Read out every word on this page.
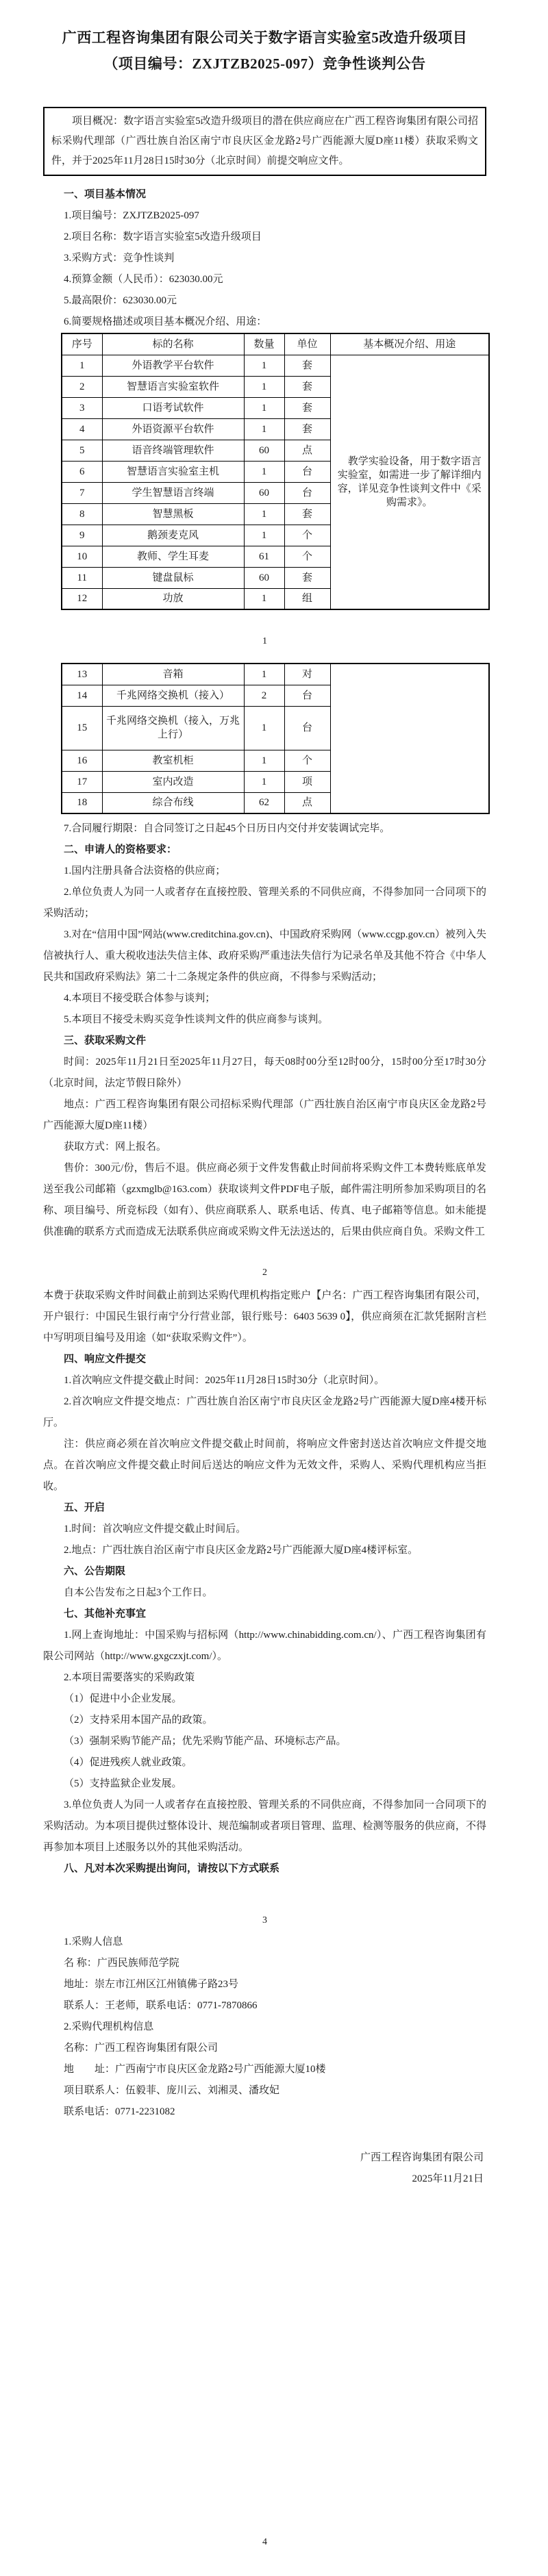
广西工程咨询集团有限公司关于数字语言实验室5改造升级项目
（项目编号：ZXJTZB2025-097）竞争性谈判公告

项目概况：数字语言实验室5改造升级项目的潜在供应商应在广西工程咨询集团有限公司招标采购代理部（广西壮族自治区南宁市良庆区金龙路2号广西能源大厦D座11楼）获取采购文件，并于2025年11月28日15时30分（北京时间）前提交响应文件。

一、项目基本情况

1.项目编号：ZXJTZB2025-097

2.项目名称：数字语言实验室5改造升级项目

3.采购方式：竞争性谈判

4.预算金额（人民币）：623030.00元

5.最高限价：623030.00元

6.简要规格描述或项目基本概况介绍、用途：

序号	标的名称	数量	单位	基本概况介绍、用途
1	外语教学平台软件	1	套	教学实验设备，用于数字语言实验室，如需进一步了解详细内容，详见竞争性谈判文件中《采购需求》。
2	智慧语言实验室软件	1	套	
3	口语考试软件	1	套	
4	外语资源平台软件	1	套	
5	语音终端管理软件	60	点	
6	智慧语言实验室主机	1	台	
7	学生智慧语言终端	60	台	
8	智慧黑板	1	套	
9	鹅颈麦克风	1	个	
10	教师、学生耳麦	61	个	
11	键盘鼠标	60	套	
12	功放	1	组	

1

13	音箱	1	对	
14	千兆网络交换机（接入）	2	台	
15	千兆网络交换机（接入，万兆上行）	1	台	
16	教室机柜	1	个	
17	室内改造	1	项	
18	综合布线	62	点	

7.合同履行期限：自合同签订之日起45个日历日内交付并安装调试完毕。

二、申请人的资格要求：

1.国内注册具备合法资格的供应商；

2.单位负责人为同一人或者存在直接控股、管理关系的不同供应商，不得参加同一合同项下的采购活动；

3.对在“信用中国”网站(www.creditchina.gov.cn)、中国政府采购网（www.ccgp.gov.cn）被列入失信被执行人、重大税收违法失信主体、政府采购严重违法失信行为记录名单及其他不符合《中华人民共和国政府采购法》第二十二条规定条件的供应商，不得参与采购活动；

4.本项目不接受联合体参与谈判；

5.本项目不接受未购买竞争性谈判文件的供应商参与谈判。

三、获取采购文件

时间：2025年11月21日至2025年11月27日，每天08时00分至12时00分，15时00分至17时30分（北京时间，法定节假日除外）

地点：广西工程咨询集团有限公司招标采购代理部（广西壮族自治区南宁市良庆区金龙路2号广西能源大厦D座11楼）

获取方式：网上报名。

售价：300元/份，售后不退。供应商必须于文件发售截止时间前将采购文件工本费转账底单发送至我公司邮箱（gzxmglb@163.com）获取谈判文件PDF电子版，邮件需注明所参加采购项目的名称、项目编号、所竞标段（如有）、供应商联系人、联系电话、传真、电子邮箱等信息。如未能提供准确的联系方式而造成无法联系供应商或采购文件无法送达的，后果由供应商自负。采购文件工

2

本费于获取采购文件时间截止前到达采购代理机构指定账户【户名：广西工程咨询集团有限公司，开户银行：中国民生银行南宁分行营业部，银行账号：6403 5639 0】，供应商须在汇款凭据附言栏中写明项目编号及用途（如“获取采购文件”）。

四、响应文件提交

1.首次响应文件提交截止时间：2025年11月28日15时30分（北京时间）。

2.首次响应文件提交地点：广西壮族自治区南宁市良庆区金龙路2号广西能源大厦D座4楼开标厅。

注：供应商必须在首次响应文件提交截止时间前，将响应文件密封送达首次响应文件提交地点。在首次响应文件提交截止时间后送达的响应文件为无效文件，采购人、采购代理机构应当拒收。

五、开启

1.时间：首次响应文件提交截止时间后。

2.地点：广西壮族自治区南宁市良庆区金龙路2号广西能源大厦D座4楼评标室。

六、公告期限

自本公告发布之日起3个工作日。

七、其他补充事宜

1.网上查询地址：中国采购与招标网（http://www.chinabidding.com.cn/）、广西工程咨询集团有限公司网站（http://www.gxgczxjt.com/）。

2.本项目需要落实的采购政策

（1）促进中小企业发展。

（2）支持采用本国产品的政策。

（3）强制采购节能产品；优先采购节能产品、环境标志产品。

（4）促进残疾人就业政策。

（5）支持监狱企业发展。

3.单位负责人为同一人或者存在直接控股、管理关系的不同供应商，不得参加同一合同项下的采购活动。为本项目提供过整体设计、规范编制或者项目管理、监理、检测等服务的供应商，不得再参加本项目上述服务以外的其他采购活动。

八、凡对本次采购提出询问，请按以下方式联系

3

1.采购人信息

名 称：广西民族师范学院

地址：崇左市江州区江州镇佛子路23号

联系人：王老师，联系电话：0771-7870866

2.采购代理机构信息

名称：广西工程咨询集团有限公司

地　　址：广西南宁市良庆区金龙路2号广西能源大厦10楼

项目联系人：伍毅菲、庞川云、刘湘灵、潘玫妃

联系电话：0771-2231082

广西工程咨询集团有限公司

2025年11月21日

4
